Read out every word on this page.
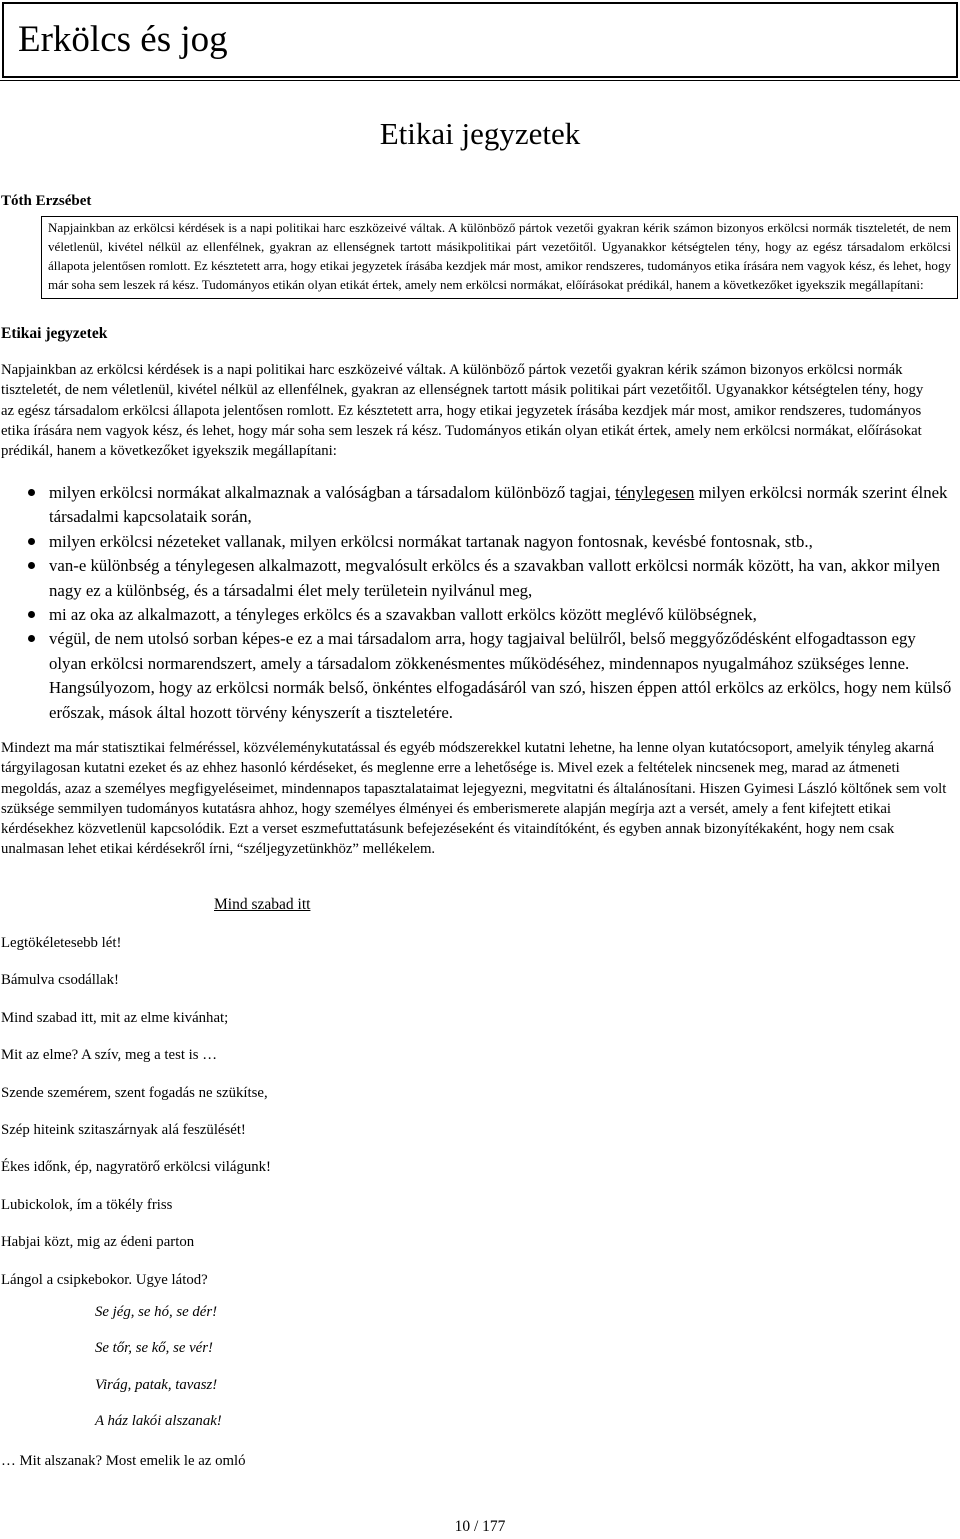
Erkölcs és jog
Etikai jegyzetek
Tóth Erzsébet
Napjainkban az erkölcsi kérdések is a napi politikai harc eszközeivé váltak. A különböző pártok vezetői gyakran kérik számon bizonyos erkölcsi normák tiszteletét, de nem véletlenül, kivétel nélkül az ellenfélnek, gyakran az ellenségnek tartott másikpolitikai párt vezetőitől. Ugyanakkor kétségtelen tény, hogy az egész társadalom erkölcsi állapota jelentősen romlott. Ez késztetett arra, hogy etikai jegyzetek írásába kezdjek már most, amikor rendszeres, tudományos etika írására nem vagyok kész, és lehet, hogy már soha sem leszek rá kész. Tudományos etikán olyan etikát értek, amely nem erkölcsi normákat, előírásokat prédikál, hanem a következőket igyekszik megállapítani:
Etikai jegyzetek
Napjainkban az erkölcsi kérdések is a napi politikai harc eszközeivé váltak. A különböző pártok vezetői gyakran kérik számon bizonyos erkölcsi normák tiszteletét, de nem véletlenül, kivétel nélkül az ellenfélnek, gyakran az ellenségnek tartott másik politikai párt vezetőitől. Ugyanakkor kétségtelen tény, hogy az egész társadalom erkölcsi állapota jelentősen romlott. Ez késztetett arra, hogy etikai jegyzetek írásába kezdjek már most, amikor rendszeres, tudományos etika írására nem vagyok kész, és lehet, hogy már soha sem leszek rá kész. Tudományos etikán olyan etikát értek, amely nem erkölcsi normákat, előírásokat prédikál, hanem a következőket igyekszik megállapítani:
milyen erkölcsi normákat alkalmaznak a valóságban a társadalom különböző tagjai, ténylegesen milyen erkölcsi normák szerint élnek társadalmi kapcsolataik során,
milyen erkölcsi nézeteket vallanak, milyen erkölcsi normákat tartanak nagyon fontosnak, kevésbé fontosnak, stb.,
van-e különbség a ténylegesen alkalmazott, megvalósult erkölcs és a szavakban vallott erkölcsi normák között, ha van, akkor milyen nagy ez a különbség, és a társadalmi élet mely területein nyilvánul meg,
mi az oka az alkalmazott, a tényleges erkölcs és a szavakban vallott erkölcs között meglévő külöbségnek,
végül, de nem utolsó sorban képes-e ez a mai társadalom arra, hogy tagjaival belülről, belső meggyőződésként elfogadtasson egy olyan erkölcsi normarendszert, amely a társadalom zökkenésmentes működéséhez, mindennapos nyugalmához szükséges lenne. Hangsúlyozom, hogy az erkölcsi normák belső, önkéntes elfogadásáról van szó, hiszen éppen attól erkölcs az erkölcs, hogy nem külső erőszak, mások által hozott törvény kényszerít a tiszteletére.
Mindezt ma már statisztikai felméréssel, közvéleménykutatással és egyéb módszerekkel kutatni lehetne, ha lenne olyan kutatócsoport, amelyik tényleg akarná tárgyilagosan kutatni ezeket és az ehhez hasonló kérdéseket, és meglenne erre a lehetősége is. Mivel ezek a feltételek nincsenek meg, marad az átmeneti megoldás, azaz a személyes megfigyeléseimet, mindennapos tapasztalataimat lejegyezni, megvitatni és általánosítani. Hiszen Gyimesi László költőnek sem volt szüksége semmilyen tudományos kutatásra ahhoz, hogy személyes élményei és emberismerete alapján megírja azt a versét, amely a fent kifejtett etikai kérdésekhez közvetlenül kapcsolódik. Ezt a verset eszmefuttatásunk befejezéseként és vitaindítóként, és egyben annak bizonyítékaként, hogy nem csak unalmasan lehet etikai kérdésekről írni, “széljegyzetünkhöz” mellékelem.
Mind szabad itt
Legtökéletesebb lét!
Bámulva csodállak!
Mind szabad itt, mit az elme kivánhat;
Mit az elme? A szív, meg a test is …
Szende szemérem, szent fogadás ne szükítse,
Szép hiteink szitaszárnyak alá feszülését!
Ékes időnk, ép, nagyratörő erkölcsi világunk!
Lubickolok, ím a tökély friss
Habjai közt, mig az édeni parton
Lángol a csipkebokor. Ugye látod?
Se jég, se hó, se dér!
Se tőr, se kő, se vér!
Virág, patak, tavasz!
A ház lakói alszanak!
… Mit alszanak? Most emelik le az omló
10 / 177
